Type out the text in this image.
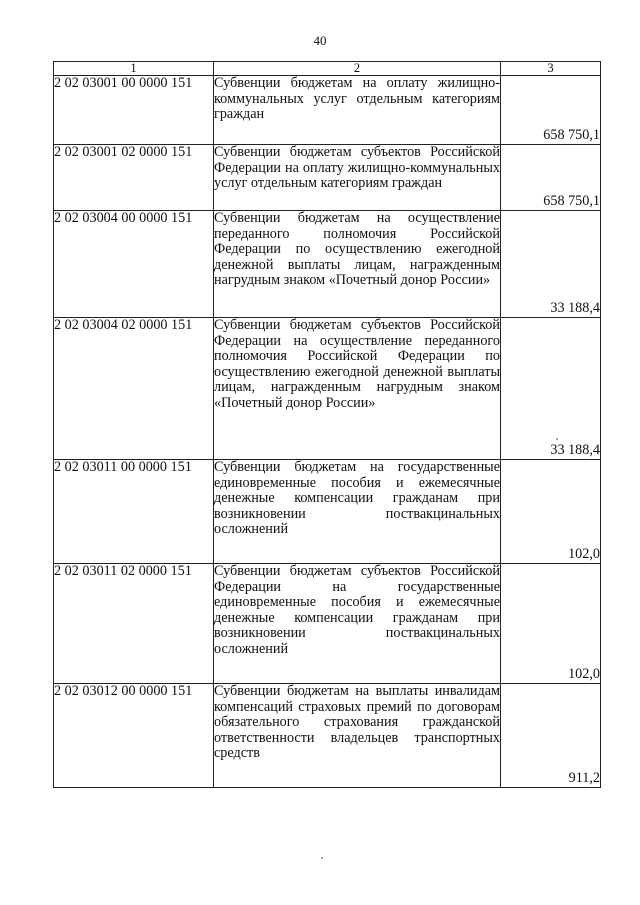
40
1	2	3
2 02 03001 00 0000 151	Субвенции бюджетам на оплату жилищно-коммунальных услуг отдельным категориям граждан	658 750,1
2 02 03001 02 0000 151	Субвенции бюджетам субъектов Российской Федерации на оплату жилищно-коммунальных услуг отдельным категориям граждан	658 750,1
2 02 03004 00 0000 151	Субвенции бюджетам на осуществление переданного полномочия Российской Федерации по осуществлению ежегодной денежной выплаты лицам, награжденным нагрудным знаком «Почетный донор России»	33 188,4
2 02 03004 02 0000 151	Субвенции бюджетам субъектов Российской Федерации на осуществление переданного полномочия Российской Федерации по осуществлению ежегодной денежной выплаты лицам, награжденным нагрудным знаком «Почетный донор России»	33 188,4
2 02 03011 00 0000 151	Субвенции бюджетам на государственные единовременные пособия и ежемесячные денежные компенсации гражданам при возникновении поствакцинальных осложнений	102,0
2 02 03011 02 0000 151	Субвенции бюджетам субъектов Российской Федерации на государственные единовременные пособия и ежемесячные денежные компенсации гражданам при возникновении поствакцинальных осложнений	102,0
2 02 03012 00 0000 151	Субвенции бюджетам на выплаты инвалидам компенсаций страховых премий по договорам обязательного страхования гражданской ответственности владельцев транспортных средств	911,2
